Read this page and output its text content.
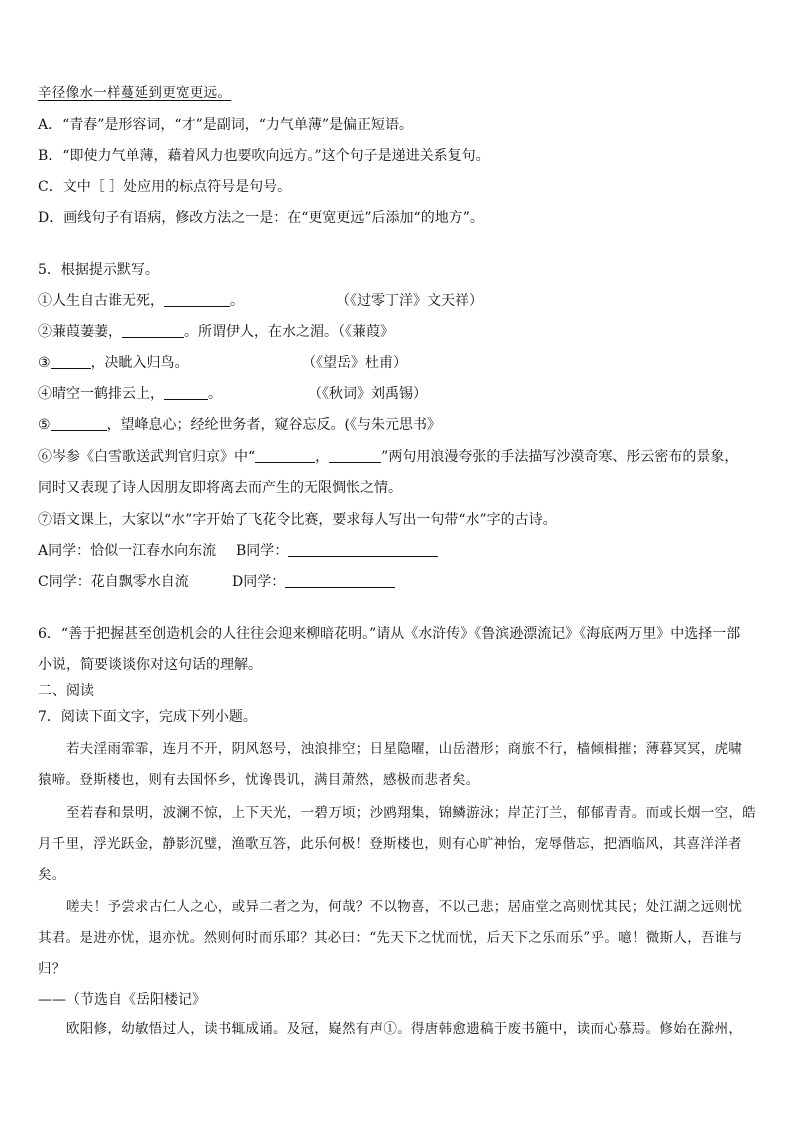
辛径像水一样蔓延到更宽更远。
A．“青春”是形容词，“才”是副词，“力气单薄”是偏正短语。
B．“即使力气单薄，藉着风力也要吹向远方。”这个句子是递进关系复句。
C．文中［ ］处应用的标点符号是句号。
D．画线句子有语病，修改方法之一是：在“更宽更远”后添加“的地方”。
5．根据提示默写。
①人生自古谁无死，	。	（《过零丁洋》文天祥）
②蒹葭萋萋，	。所谓伊人，在水之湄。（《蒹葭》
③	，决眦入归鸟。	（《望岳》杜甫）
④晴空一鹤排云上，	。	（《秋词》刘禹锡）
⑤	，望峰息心；经纶世务者，窥谷忘反。(《与朱元思书》
⑥岑参《白雪歌送武判官归京》中“	，	”两句用浪漫夸张的手法描写沙漠奇寒、彤云密布的景象，
同时又表现了诗人因朋友即将离去而产生的无限惆怅之情。
⑦语文课上，大家以“水”字开始了飞花令比赛，要求每人写出一句带“水”字的古诗。
A同学：恰似一江春水向东流 B同学：
C同学：花自飘零水自流	D同学：
6．“善于把握甚至创造机会的人往往会迎来柳暗花明。”请从《水浒传》《鲁滨逊漂流记》《海底两万里》中选择一部
小说，简要谈谈你对这句话的理解。
二、阅读
7．阅读下面文字，完成下列小题。
若夫淫雨霏霏，连月不开，阴风怒号，浊浪排空；日星隐曜，山岳潜形；商旅不行，樯倾楫摧；薄暮冥冥，虎啸
猿啼。登斯楼也，则有去国怀乡，忧谗畏讥，满目萧然，感极而悲者矣。
至若春和景明，波澜不惊，上下天光，一碧万顷；沙鸥翔集，锦鳞游泳；岸芷汀兰，郁郁青青。而或长烟一空，皓
月千里，浮光跃金，静影沉璧，渔歌互答，此乐何极！登斯楼也，则有心旷神怡，宠辱偕忘，把酒临风，其喜洋洋者
矣。
嗟夫！予尝求古仁人之心，或异二者之为，何哉？不以物喜，不以己悲；居庙堂之高则忧其民；处江湖之远则忧
其君。是进亦忧，退亦忧。然则何时而乐耶？其必曰：“先天下之忧而忧，后天下之乐而乐”乎。噫！微斯人，吾谁与
归？
——（节选自《岳阳楼记》
欧阳修，幼敏悟过人，读书辄成诵。及冠，嶷然有声①。得唐韩愈遗稿于废书簏中，读而心慕焉。修始在滁州，
